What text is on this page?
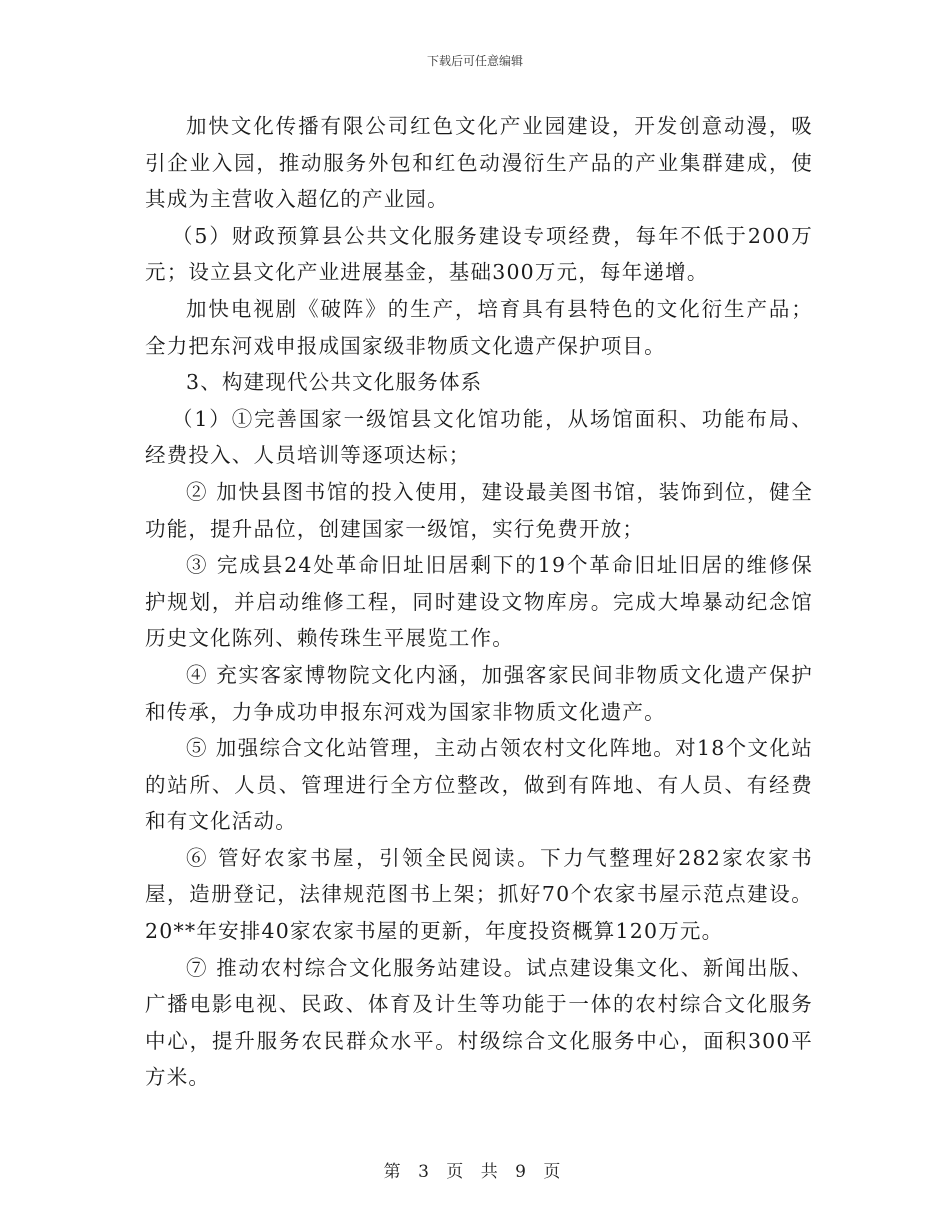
下载后可任意编辑

加快文化传播有限公司红色文化产业园建设，开发创意动漫，吸引企业入园，推动服务外包和红色动漫衍生产品的产业集群建成，使其成为主营收入超亿的产业园。

（5）财政预算县公共文化服务建设专项经费，每年不低于200万元；设立县文化产业进展基金，基础300万元，每年递增。

加快电视剧《破阵》的生产，培育具有县特色的文化衍生产品；全力把东河戏申报成国家级非物质文化遗产保护项目。

3、构建现代公共文化服务体系

（1）①完善国家一级馆县文化馆功能，从场馆面积、功能布局、经费投入、人员培训等逐项达标；

② 加快县图书馆的投入使用，建设最美图书馆，装饰到位，健全功能，提升品位，创建国家一级馆，实行免费开放；

③ 完成县24处革命旧址旧居剩下的19个革命旧址旧居的维修保护规划，并启动维修工程，同时建设文物库房。完成大埠暴动纪念馆历史文化陈列、赖传珠生平展览工作。

④ 充实客家博物院文化内涵，加强客家民间非物质文化遗产保护和传承，力争成功申报东河戏为国家非物质文化遗产。

⑤ 加强综合文化站管理，主动占领农村文化阵地。对18个文化站的站所、人员、管理进行全方位整改，做到有阵地、有人员、有经费和有文化活动。

⑥ 管好农家书屋，引领全民阅读。下力气整理好282家农家书屋，造册登记，法律规范图书上架；抓好70个农家书屋示范点建设。20**年安排40家农家书屋的更新，年度投资概算120万元。

⑦ 推动农村综合文化服务站建设。试点建设集文化、新闻出版、广播电影电视、民政、体育及计生等功能于一体的农村综合文化服务中心，提升服务农民群众水平。村级综合文化服务中心，面积300平方米。

第 3 页 共 9 页
